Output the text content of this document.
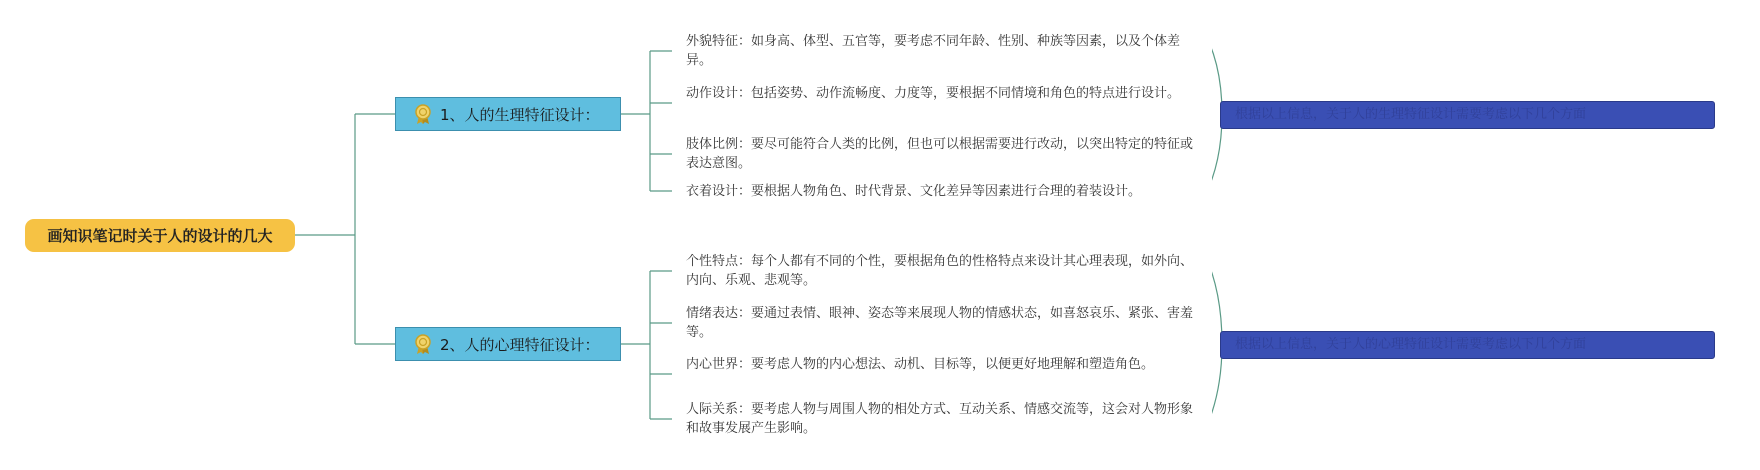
画知识笔记时关于人的设计的几大
1、人的生理特征设计：
2、人的心理特征设计：
外貌特征：如身高、体型、五官等，要考虑不同年龄、性别、种族等因素，以及个体差异。
动作设计：包括姿势、动作流畅度、力度等，要根据不同情境和角色的特点进行设计。
肢体比例：要尽可能符合人类的比例，但也可以根据需要进行改动，以突出特定的特征或表达意图。
衣着设计：要根据人物角色、时代背景、文化差异等因素进行合理的着装设计。
个性特点：每个人都有不同的个性，要根据角色的性格特点来设计其心理表现，如外向、内向、乐观、悲观等。
情绪表达：要通过表情、眼神、姿态等来展现人物的情感状态，如喜怒哀乐、紧张、害羞等。
内心世界：要考虑人物的内心想法、动机、目标等，以便更好地理解和塑造角色。
人际关系：要考虑人物与周围人物的相处方式、互动关系、情感交流等，这会对人物形象和故事发展产生影响。
根据以上信息，关于人的生理特征设计需要考虑以下几个方面
根据以上信息，关于人的心理特征设计需要考虑以下几个方面
